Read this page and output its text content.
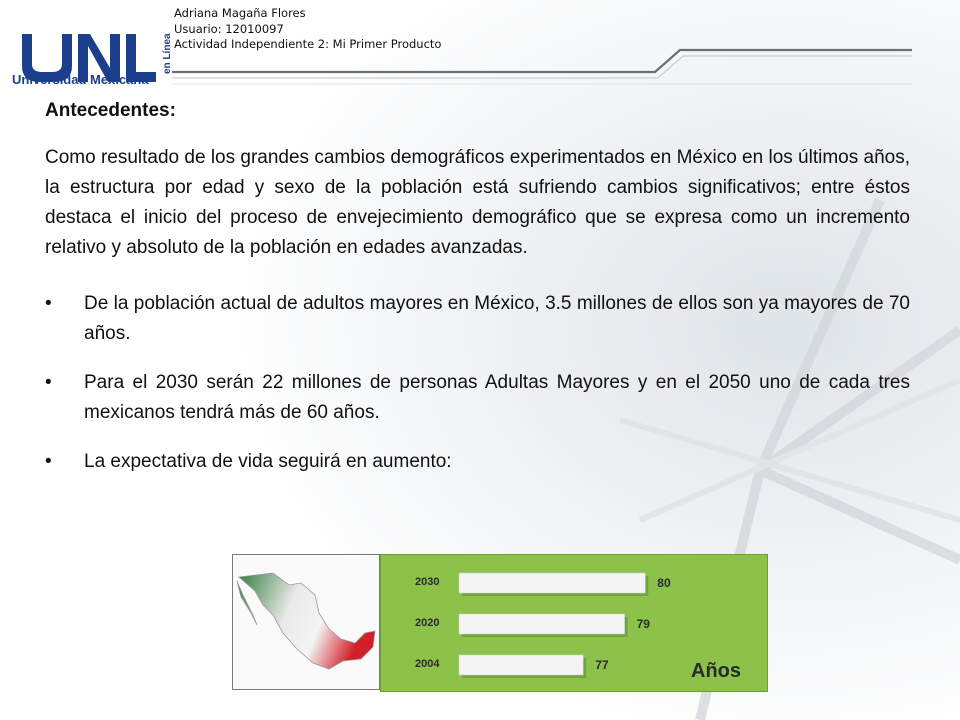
en Línea
Universidad Mexicana
Adriana Magaña Flores
Usuario: 12010097
Actividad Independiente 2: Mi Primer Producto
Antecedentes:

Como resultado de los grandes cambios demográficos experimentados en México en los últimos años, la estructura por edad y sexo de la población está sufriendo cambios significativos; entre éstos destaca el inicio del proceso de envejecimiento demográfico que se expresa como un incremento relativo y absoluto de la población en edades avanzadas.

• De la población actual de adultos mayores en México, 3.5 millones de ellos son ya mayores de 70 años.
• Para el 2030 serán 22 millones de personas Adultas Mayores y en el 2050 uno de cada tres mexicanos tendrá más de 60 años.
• La expectativa de vida seguirá en aumento:
Años
2030	80
2020	79
2004	77
